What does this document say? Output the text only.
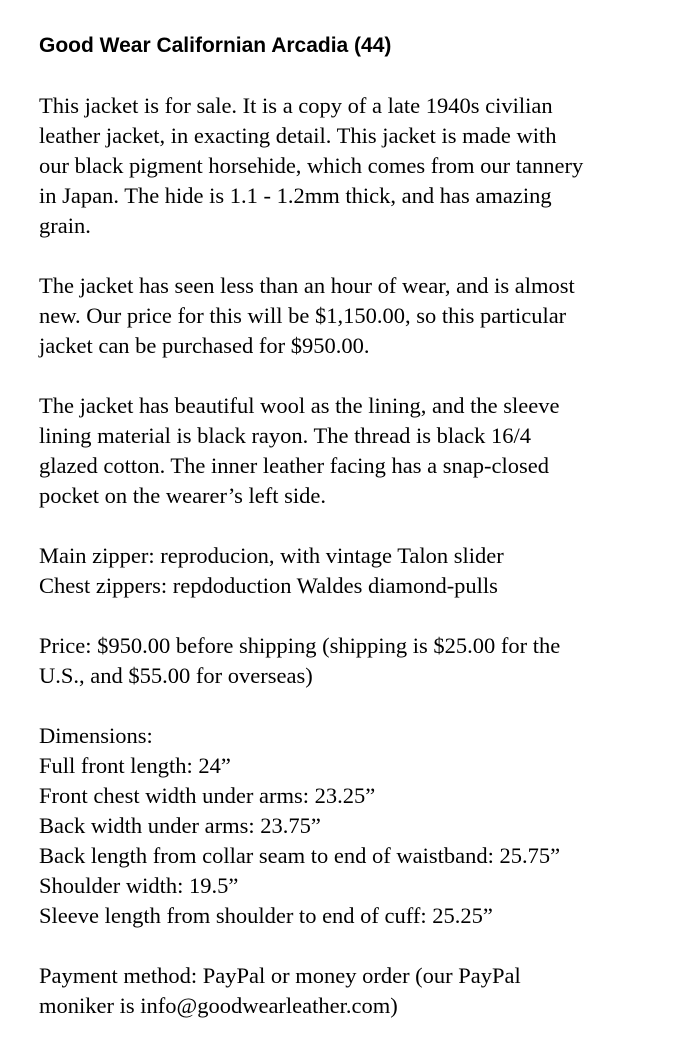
Good Wear Californian Arcadia (44)
This jacket is for sale. It is a copy of a late 1940s civilian
leather jacket, in exacting detail. This jacket is made with
our black pigment horsehide, which comes from our tannery
in Japan. The hide is 1.1 - 1.2mm thick, and has amazing
grain.
The jacket has seen less than an hour of wear, and is almost
new. Our price for this will be $1,150.00, so this particular
jacket can be purchased for $950.00.
The jacket has beautiful wool as the lining, and the sleeve
lining material is black rayon. The thread is black 16/4
glazed cotton. The inner leather facing has a snap-closed
pocket on the wearer’s left side.
Main zipper: reproducion, with vintage Talon slider
Chest zippers: repdoduction Waldes diamond-pulls
Price: $950.00 before shipping (shipping is $25.00 for the
U.S., and $55.00 for overseas)
Dimensions:
Full front length: 24”
Front chest width under arms: 23.25”
Back width under arms: 23.75”
Back length from collar seam to end of waistband: 25.75”
Shoulder width: 19.5”
Sleeve length from shoulder to end of cuff: 25.25”
Payment method: PayPal or money order (our PayPal
moniker is info@goodwearleather.com)
